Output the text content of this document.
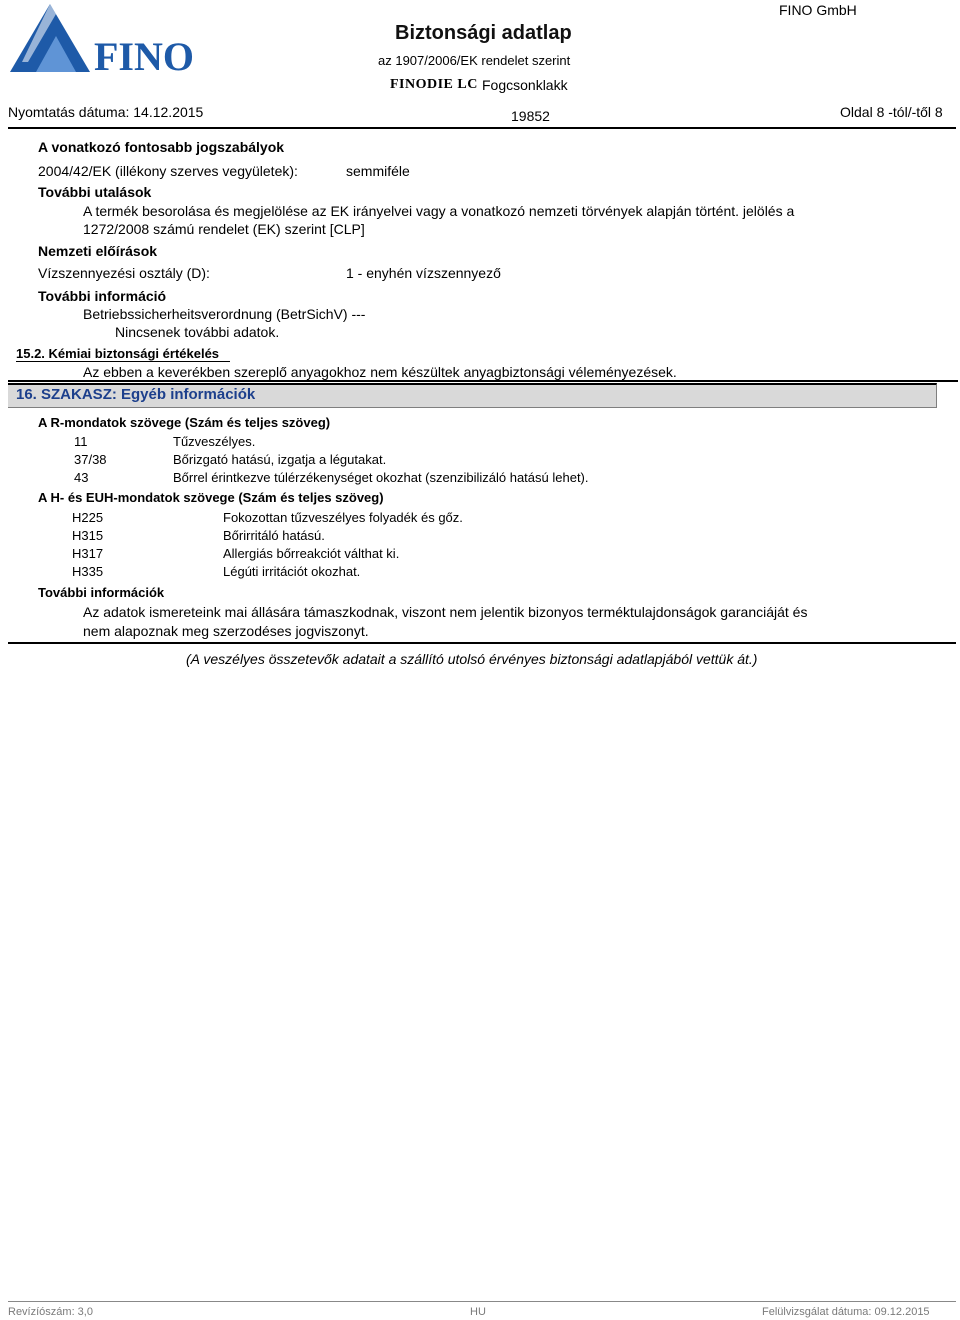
FINO
Biztonsági adatlap
az 1907/2006/EK rendelet szerint
FINODIE LC Fogcsonklakk
FINO GmbH
Nyomtatás dátuma: 14.12.2015	19852	Oldal 8 -tól/-től 8
A vonatkozó fontosabb jogszabályok
2004/42/EK (illékony szerves vegyületek):	semmiféle
További utalások
A termék besorolása és megjelölése az EK irányelvei vagy a vonatkozó nemzeti törvények alapján történt. jelölés a
1272/2008 számú rendelet (EK) szerint [CLP]
Nemzeti előírások
Vízszennyezési osztály (D):	1 - enyhén vízszennyező
További információ
Betriebssicherheitsverordnung (BetrSichV) ---
Nincsenek további adatok.
15.2. Kémiai biztonsági értékelés
Az ebben a keverékben szereplő anyagokhoz nem készültek anyagbiztonsági véleményezések.
16. SZAKASZ: Egyéb információk
A R-mondatok szövege (Szám és teljes szöveg)
11	Tűzveszélyes.
37/38	Bőrizgató hatású, izgatja a légutakat.
43	Bőrrel érintkezve túlérzékenységet okozhat (szenzibilizáló hatású lehet).
A H- és EUH-mondatok szövege (Szám és teljes szöveg)
H225	Fokozottan tűzveszélyes folyadék és gőz.
H315	Bőrirritáló hatású.
H317	Allergiás bőrreakciót válthat ki.
H335	Légúti irritációt okozhat.
További információk
Az adatok ismereteink mai állására támaszkodnak, viszont nem jelentik bizonyos terméktulajdonságok garanciáját és
nem alapoznak meg szerzodéses jogviszonyt.
(A veszélyes összetevők adatait a szállító utolsó érvényes biztonsági adatlapjából vettük át.)
Revízíószám: 3,0	HU	Felülvizsgálat dátuma: 09.12.2015
